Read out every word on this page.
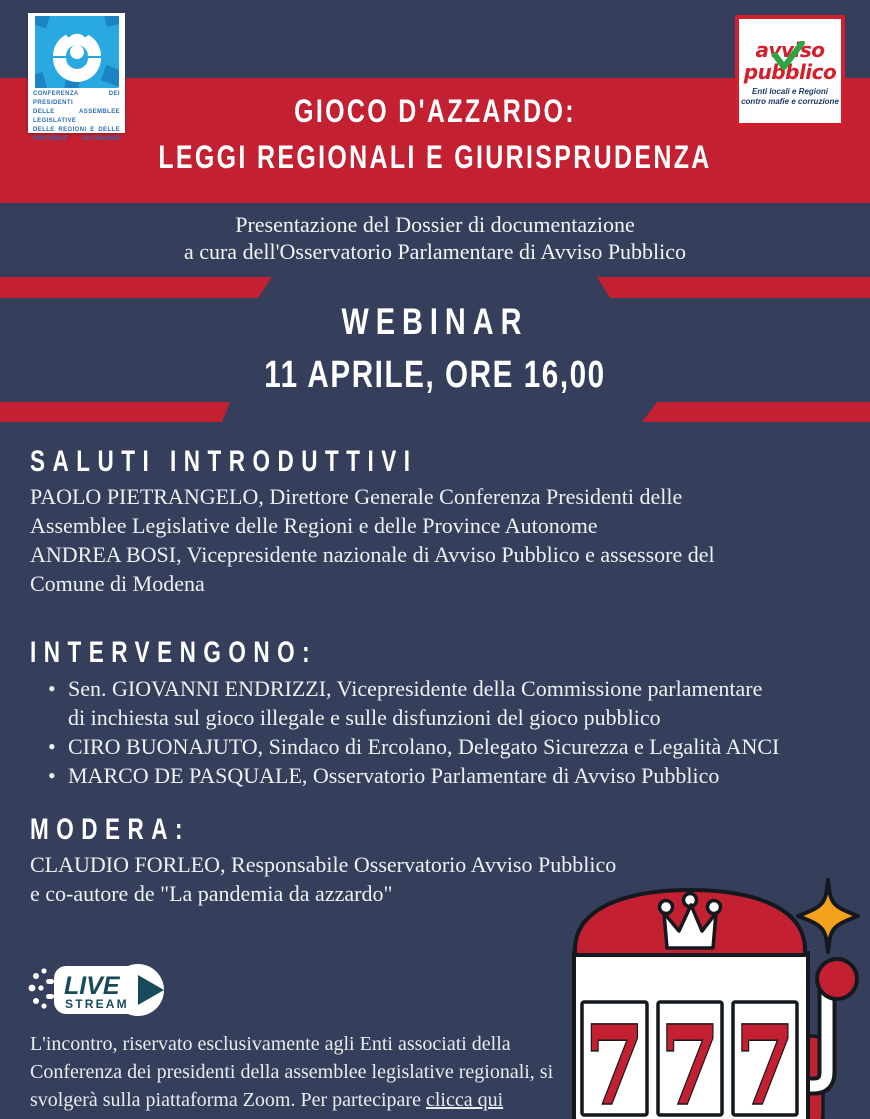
GIOCO D'AZZARDO:
LEGGI REGIONALI E GIURISPRUDENZA
Presentazione del Dossier di documentazione
a cura dell'Osservatorio Parlamentare di Avviso Pubblico
WEBINAR
11 APRILE, ORE 16,00
SALUTI INTRODUTTIVI
PAOLO PIETRANGELO, Direttore Generale Conferenza Presidenti delle
Assemblee Legislative delle Regioni e delle Province Autonome
ANDREA BOSI, Vicepresidente nazionale di Avviso Pubblico e assessore del
Comune di Modena
INTERVENGONO:
• Sen. GIOVANNI ENDRIZZI, Vicepresidente della Commissione parlamentare
di inchiesta sul gioco illegale e sulle disfunzioni del gioco pubblico
• CIRO BUONAJUTO, Sindaco di Ercolano, Delegato Sicurezza e Legalità ANCI
• MARCO DE PASQUALE, Osservatorio Parlamentare di Avviso Pubblico
MODERA:
CLAUDIO FORLEO, Responsabile Osservatorio Avviso Pubblico
e co-autore de "La pandemia da azzardo"
LIVE
STREAM
L'incontro, riservato esclusivamente agli Enti associati della
Conferenza dei presidenti della assemblee legislative regionali, si
svolgerà sulla piattaforma Zoom. Per partecipare clicca qui 7 7 7
CONFERENZA DEI PRESIDENTI
DELLE ASSEMBLEE LEGISLATIVE
DELLE REGIONI E DELLE
PROVINCE AUTONOME
avviso
pubblico
Enti locali e Regioni
contro mafie e corruzione
